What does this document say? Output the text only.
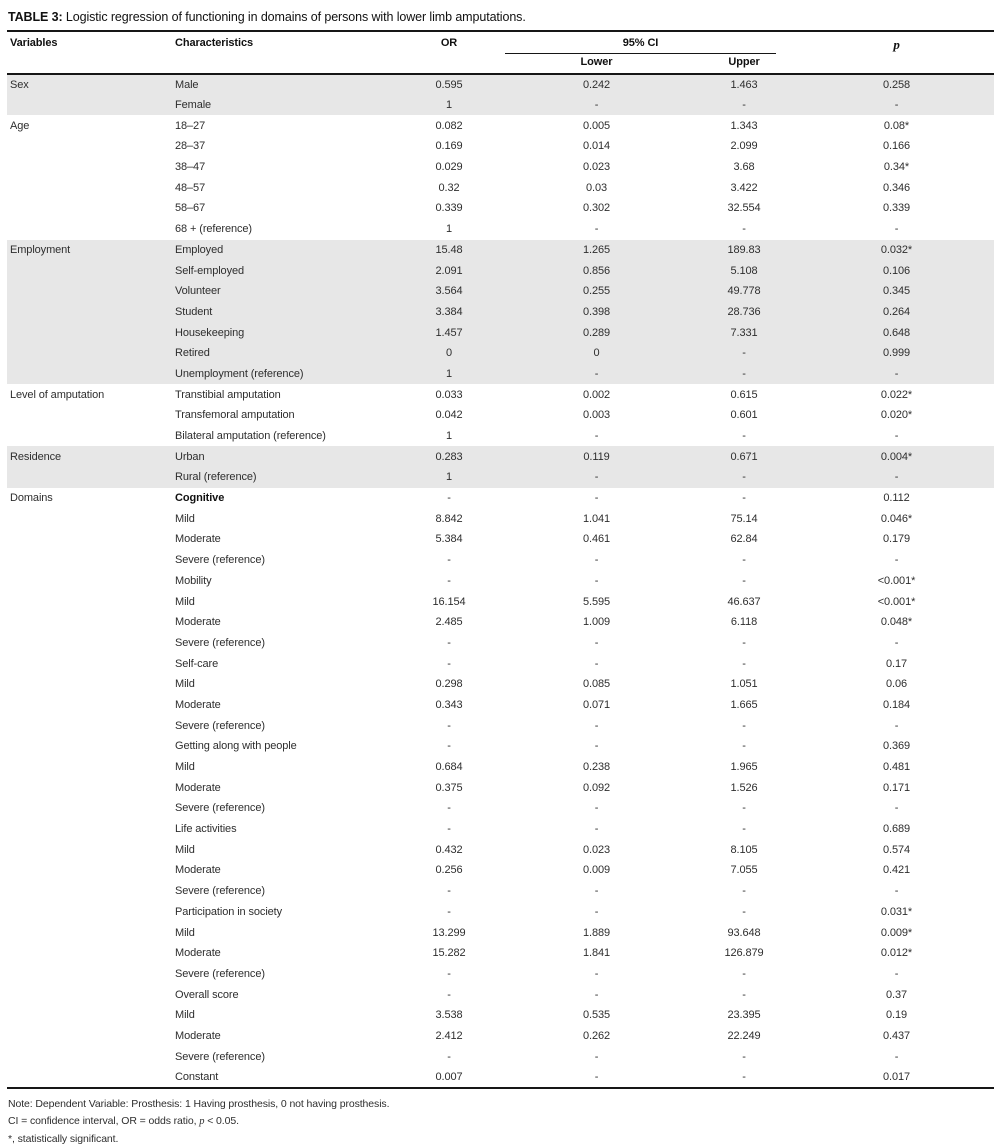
TABLE 3: Logistic regression of functioning in domains of persons with lower limb amputations.
Variables	Characteristics	OR	95% CI		p
			Lower	Upper	
Sex	Male	0.595	0.242	1.463	0.258
	Female	1	-	-	-
Age	18–27	0.082	0.005	1.343	0.08*
	28–37	0.169	0.014	2.099	0.166
	38–47	0.029	0.023	3.68	0.34*
	48–57	0.32	0.03	3.422	0.346
	58–67	0.339	0.302	32.554	0.339
	68 + (reference)	1	-	-	-
Employment	Employed	15.48	1.265	189.83	0.032*
	Self-employed	2.091	0.856	5.108	0.106
	Volunteer	3.564	0.255	49.778	0.345
	Student	3.384	0.398	28.736	0.264
	Housekeeping	1.457	0.289	7.331	0.648
	Retired	0	0	-	0.999
	Unemployment (reference)	1	-	-	-
Level of amputation	Transtibial amputation	0.033	0.002	0.615	0.022*
	Transfemoral amputation	0.042	0.003	0.601	0.020*
	Bilateral amputation (reference)	1	-	-	-
Residence	Urban	0.283	0.119	0.671	0.004*
	Rural (reference)	1	-	-	-
Domains	Cognitive	-	-	-	0.112
	Mild	8.842	1.041	75.14	0.046*
	Moderate	5.384	0.461	62.84	0.179
	Severe (reference)	-	-	-	-
	Mobility	-	-	-	<0.001*
	Mild	16.154	5.595	46.637	<0.001*
	Moderate	2.485	1.009	6.118	0.048*
	Severe (reference)	-	-	-	-
	Self-care	-	-	-	0.17
	Mild	0.298	0.085	1.051	0.06
	Moderate	0.343	0.071	1.665	0.184
	Severe (reference)	-	-	-	-
	Getting along with people	-	-	-	0.369
	Mild	0.684	0.238	1.965	0.481
	Moderate	0.375	0.092	1.526	0.171
	Severe (reference)	-	-	-	-
	Life activities	-	-	-	0.689
	Mild	0.432	0.023	8.105	0.574
	Moderate	0.256	0.009	7.055	0.421
	Severe (reference)	-	-	-	-
	Participation in society	-	-	-	0.031*
	Mild	13.299	1.889	93.648	0.009*
	Moderate	15.282	1.841	126.879	0.012*
	Severe (reference)	-	-	-	-
	Overall score	-	-	-	0.37
	Mild	3.538	0.535	23.395	0.19
	Moderate	2.412	0.262	22.249	0.437
	Severe (reference)	-	-	-	-
	Constant	0.007	-	-	0.017
Note: Dependent Variable: Prosthesis: 1 Having prosthesis, 0 not having prosthesis.
CI = confidence interval, OR = odds ratio, p < 0.05.
*, statistically significant.
